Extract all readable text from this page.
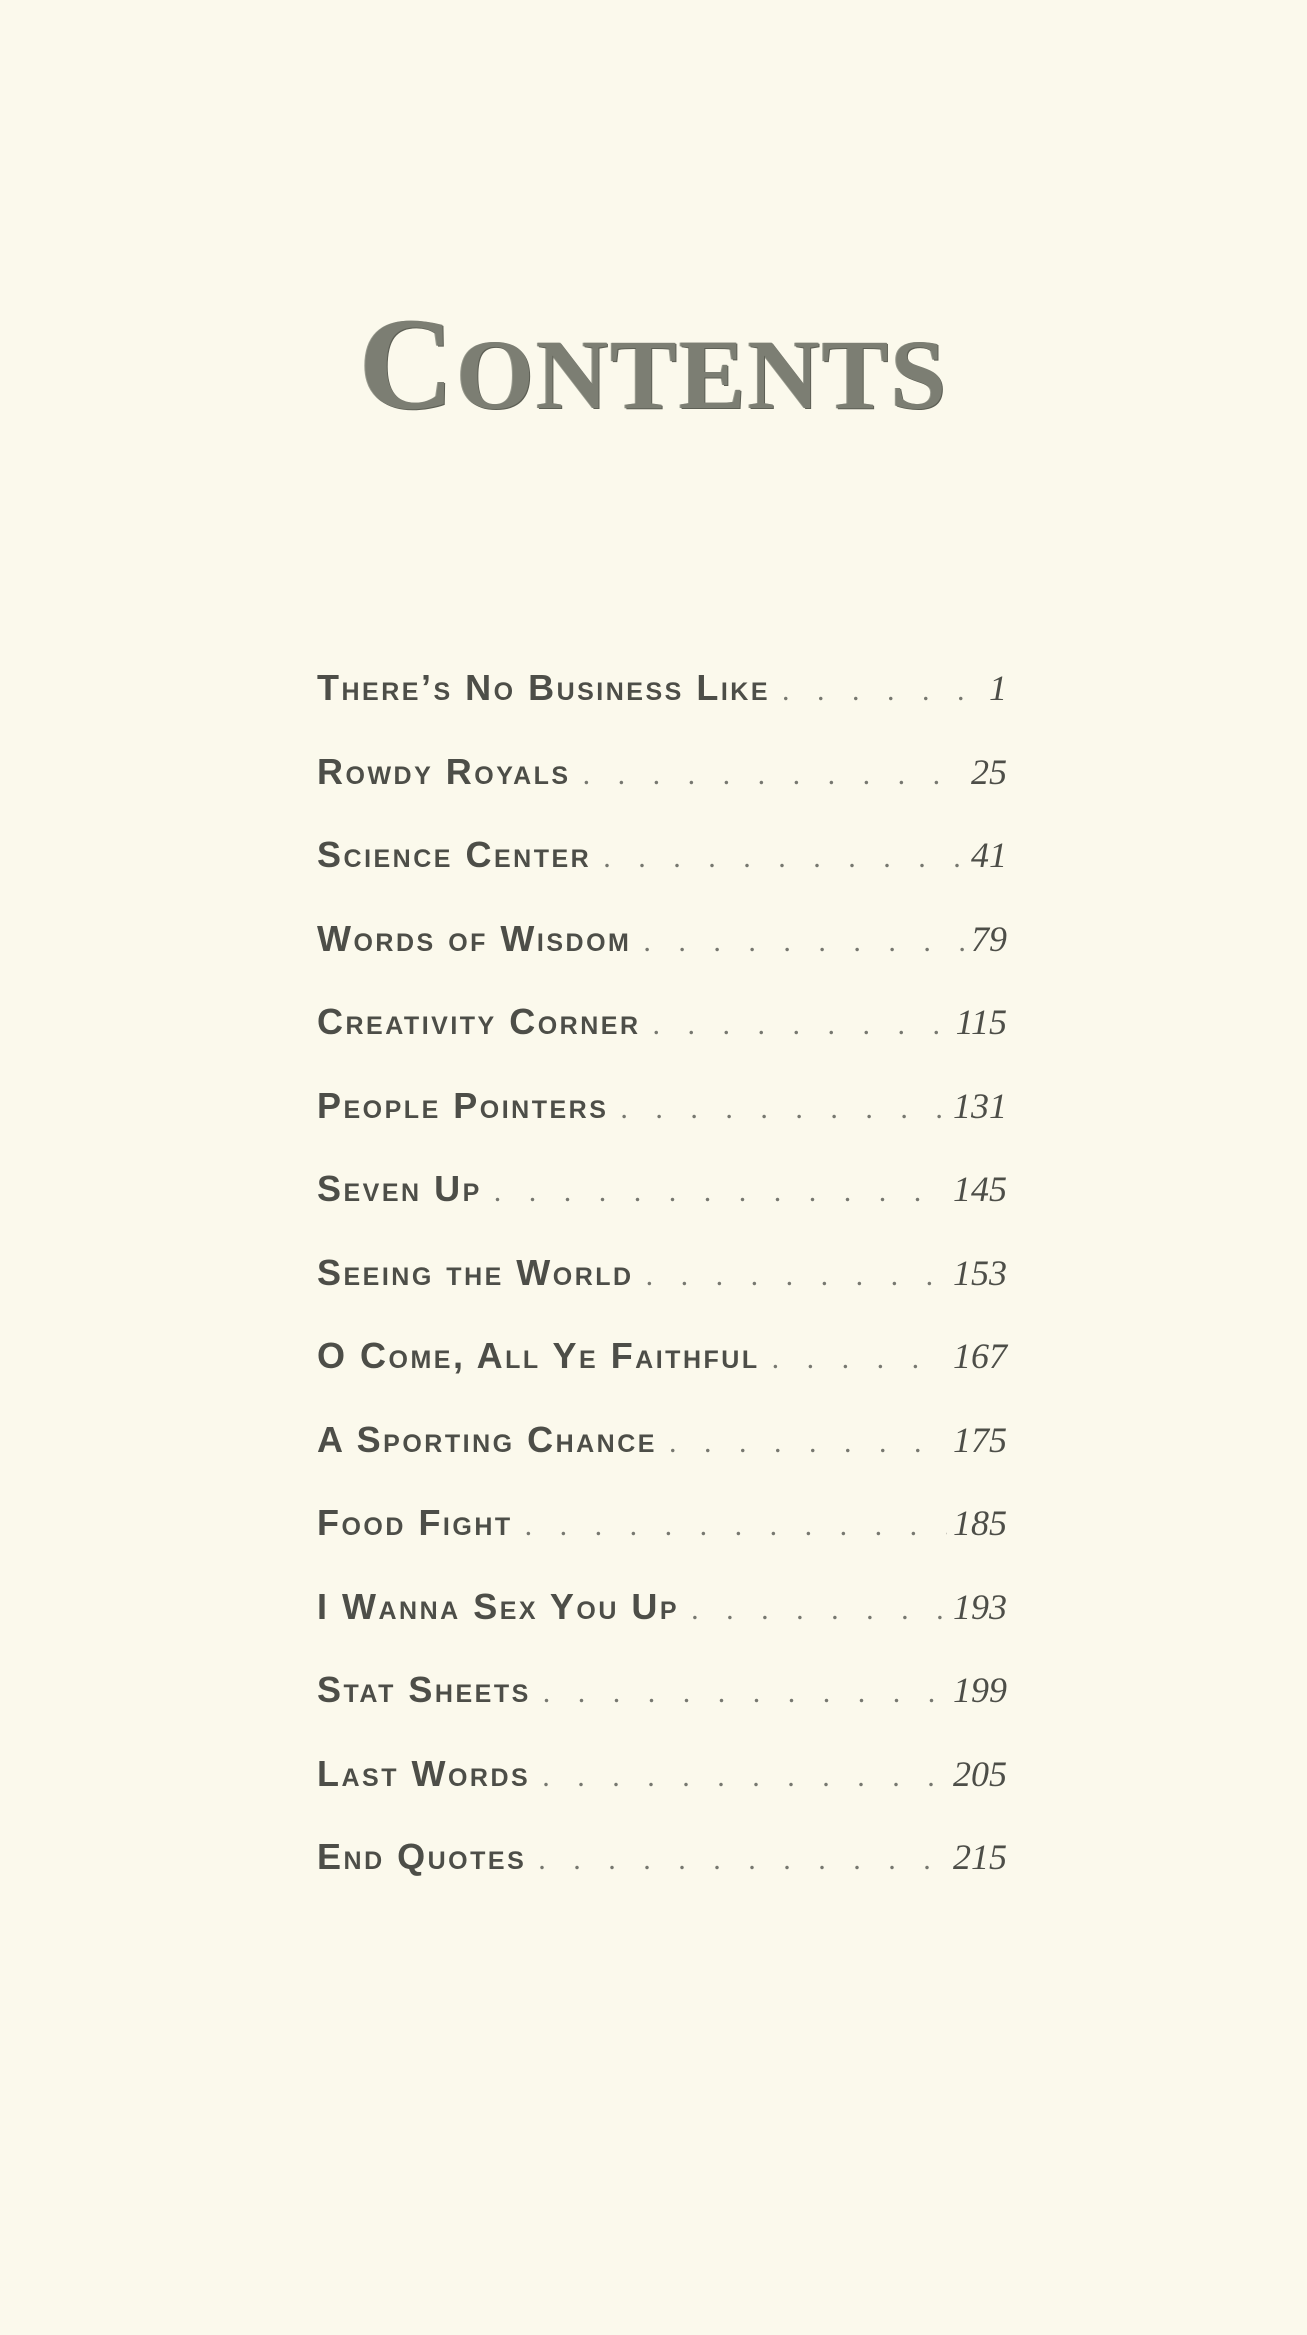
CONTENTS
There’s No Business Like . . .	1
Rowdy Royals . . .	25
Science Center . . .	41
Words of Wisdom . . .	79
Creativity Corner . . .	115
People Pointers . . .	131
Seven Up . . .	145
Seeing the World . . .	153
O Come, All Ye Faithful . . .	167
A Sporting Chance . . .	175
Food Fight . . .	185
I Wanna Sex You Up . . .	193
Stat Sheets . . .	199
Last Words . . .	205
End Quotes . . .	215
